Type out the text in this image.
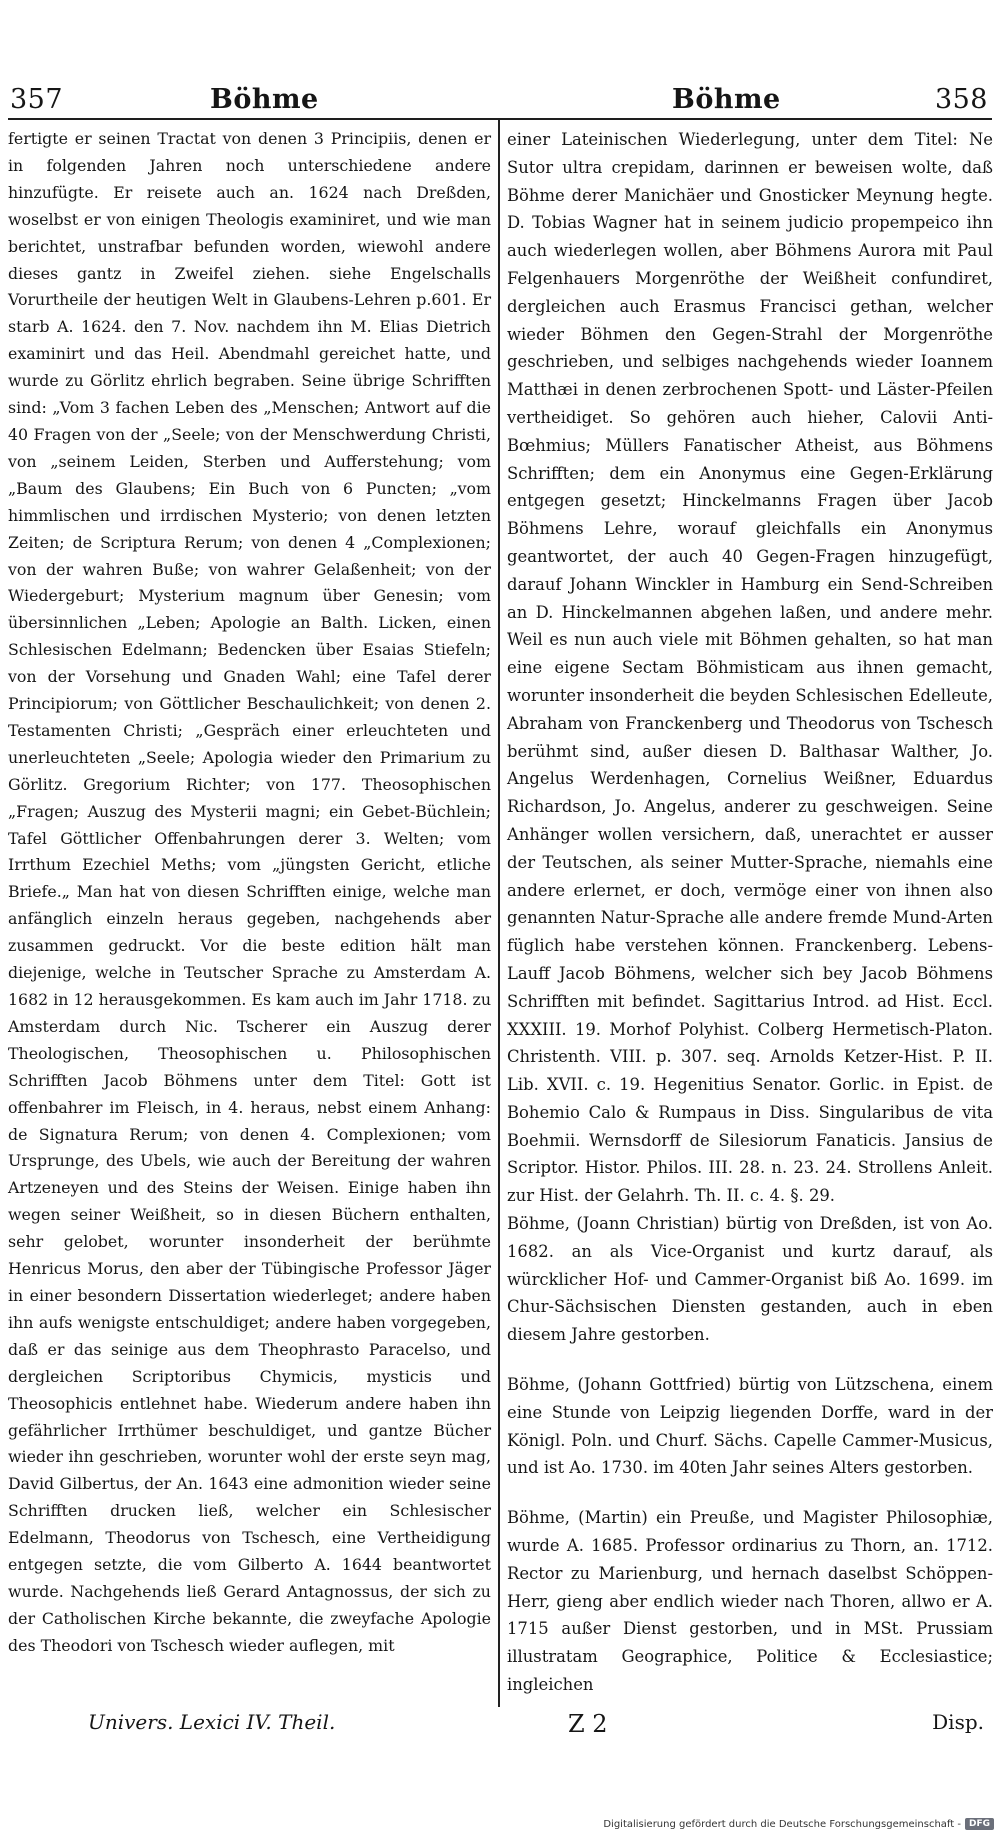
357	Böhme	Böhme	358

fertigte er seinen Tractat von denen 3 Principiis, denen er in folgenden Jahren noch unterschiedene andere hinzufügte. Er reisete auch an. 1624 nach Dreßden, woselbst er von einigen Theologis examiniret, und wie man berichtet, unstrafbar befunden worden, wiewohl andere dieses gantz in Zweifel ziehen. siehe Engelschalls Vorurtheile der heutigen Welt in Glaubens-Lehren p.601. Er starb A. 1624. den 7. Nov. nachdem ihn M. Elias Dietrich examinirt und das Heil. Abendmahl gereichet hatte, und wurde zu Görlitz ehrlich begraben. Seine übrige Schrifften sind: „Vom 3 fachen Leben des „Menschen; Antwort auf die 40 Fragen von der „Seele; von der Menschwerdung Christi, von „seinem Leiden, Sterben und Aufferstehung; vom „Baum des Glaubens; Ein Buch von 6 Puncten; „vom himmlischen und irrdischen Mysterio; von denen letzten Zeiten; de Scriptura Rerum; von denen 4 „Complexionen; von der wahren Buße; von wahrer Gelaßenheit; von der Wiedergeburt; Mysterium magnum über Genesin; vom übersinnlichen „Leben; Apologie an Balth. Licken, einen Schlesischen Edelmann; Bedencken über Esaias Stiefeln; von der Vorsehung und Gnaden Wahl; eine Tafel derer Principiorum; von Göttlicher Beschaulichkeit; von denen 2. Testamenten Christi; „Gespräch einer erleuchteten und unerleuchteten „Seele; Apologia wieder den Primarium zu Görlitz. Gregorium Richter; von 177. Theosophischen „Fragen; Auszug des Mysterii magni; ein Gebet-Büchlein; Tafel Göttlicher Offenbahrungen derer 3. Welten; vom Irrthum Ezechiel Meths; vom „jüngsten Gericht, etliche Briefe.„ Man hat von diesen Schrifften einige, welche man anfänglich einzeln heraus gegeben, nachgehends aber zusammen gedruckt. Vor die beste edition hält man diejenige, welche in Teutscher Sprache zu Amsterdam A. 1682 in 12 herausgekommen. Es kam auch im Jahr 1718. zu Amsterdam durch Nic. Tscherer ein Auszug derer Theologischen, Theosophischen u. Philosophischen Schrifften Jacob Böhmens unter dem Titel: Gott ist offenbahrer im Fleisch, in 4. heraus, nebst einem Anhang: de Signatura Rerum; von denen 4. Complexionen; vom Ursprunge, des Ubels, wie auch der Bereitung der wahren Artzeneyen und des Steins der Weisen. Einige haben ihn wegen seiner Weißheit, so in diesen Büchern enthalten, sehr gelobet, worunter insonderheit der berühmte Henricus Morus, den aber der Tübingische Professor Jäger in einer besondern Dissertation wiederleget; andere haben ihn aufs wenigste entschuldiget; andere haben vorgegeben, daß er das seinige aus dem Theophrasto Paracelso, und dergleichen Scriptoribus Chymicis, mysticis und Theosophicis entlehnet habe. Wiederum andere haben ihn gefährlicher Irrthümer beschuldiget, und gantze Bücher wieder ihn geschrieben, worunter wohl der erste seyn mag, David Gilbertus, der An. 1643 eine admonition wieder seine Schrifften drucken ließ, welcher ein Schlesischer Edelmann, Theodorus von Tschesch, eine Vertheidigung entgegen setzte, die vom Gilberto A. 1644 beantwortet wurde. Nachgehends ließ Gerard Antagnossus, der sich zu der Catholischen Kirche bekannte, die zweyfache Apologie des Theodori von Tschesch wieder auflegen, mit

einer Lateinischen Wiederlegung, unter dem Titel: Ne Sutor ultra crepidam, darinnen er beweisen wolte, daß Böhme derer Manichäer und Gnosticker Meynung hegte. D. Tobias Wagner hat in seinem judicio propempeico ihn auch wiederlegen wollen, aber Böhmens Aurora mit Paul Felgenhauers Morgenröthe der Weißheit confundiret, dergleichen auch Erasmus Francisci gethan, welcher wieder Böhmen den Gegen-Strahl der Morgenröthe geschrieben, und selbiges nachgehends wieder Ioannem Matthæi in denen zerbrochenen Spott- und Läster-Pfeilen vertheidiget. So gehören auch hieher, Calovii Anti-Bœhmius; Müllers Fanatischer Atheist, aus Böhmens Schrifften; dem ein Anonymus eine Gegen-Erklärung entgegen gesetzt; Hinckelmanns Fragen über Jacob Böhmens Lehre, worauf gleichfalls ein Anonymus geantwortet, der auch 40 Gegen-Fragen hinzugefügt, darauf Johann Winckler in Hamburg ein Send-Schreiben an D. Hinckelmannen abgehen laßen, und andere mehr. Weil es nun auch viele mit Böhmen gehalten, so hat man eine eigene Sectam Böhmisticam aus ihnen gemacht, worunter insonderheit die beyden Schlesischen Edelleute, Abraham von Franckenberg und Theodorus von Tschesch berühmt sind, außer diesen D. Balthasar Walther, Jo. Angelus Werdenhagen, Cornelius Weißner, Eduardus Richardson, Jo. Angelus, anderer zu geschweigen. Seine Anhänger wollen versichern, daß, unerachtet er ausser der Teutschen, als seiner Mutter-Sprache, niemahls eine andere erlernet, er doch, vermöge einer von ihnen also genannten Natur-Sprache alle andere fremde Mund-Arten füglich habe verstehen können. Franckenberg. Lebens-Lauff Jacob Böhmens, welcher sich bey Jacob Böhmens Schrifften mit befindet. Sagittarius Introd. ad Hist. Eccl. XXXIII. 19. Morhof Polyhist. Colberg Hermetisch-Platon. Christenth. VIII. p. 307. seq. Arnolds Ketzer-Hist. P. II. Lib. XVII. c. 19. Hegenitius Senator. Gorlic. in Epist. de Bohemio Calo & Rumpaus in Diss. Singularibus de vita Boehmii. Wernsdorff de Silesiorum Fanaticis. Jansius de Scriptor. Histor. Philos. III. 28. n. 23. 24. Strollens Anleit. zur Hist. der Gelahrh. Th. II. c. 4. §. 29.

Böhme, (Joann Christian) bürtig von Dreßden, ist von Ao. 1682. an als Vice-Organist und kurtz darauf, als würcklicher Hof- und Cammer-Organist biß Ao. 1699. im Chur-Sächsischen Diensten gestanden, auch in eben diesem Jahre gestorben.

Böhme, (Johann Gottfried) bürtig von Lützschena, einem eine Stunde von Leipzig liegenden Dorffe, ward in der Königl. Poln. und Churf. Sächs. Capelle Cammer-Musicus, und ist Ao. 1730. im 40ten Jahr seines Alters gestorben.

Böhme, (Martin) ein Preuße, und Magister Philosophiæ, wurde A. 1685. Professor ordinarius zu Thorn, an. 1712. Rector zu Marienburg, und hernach daselbst Schöppen-Herr, gieng aber endlich wieder nach Thoren, allwo er A. 1715 außer Dienst gestorben, und in MSt. Prussiam illustratam Geographice, Politice & Ecclesiastice; ingleichen

Univers. Lexici IV. Theil.	Z 2	Disp.
Digitalisierung gefördert durch die Deutsche Forschungsgemeinschaft - DFG
